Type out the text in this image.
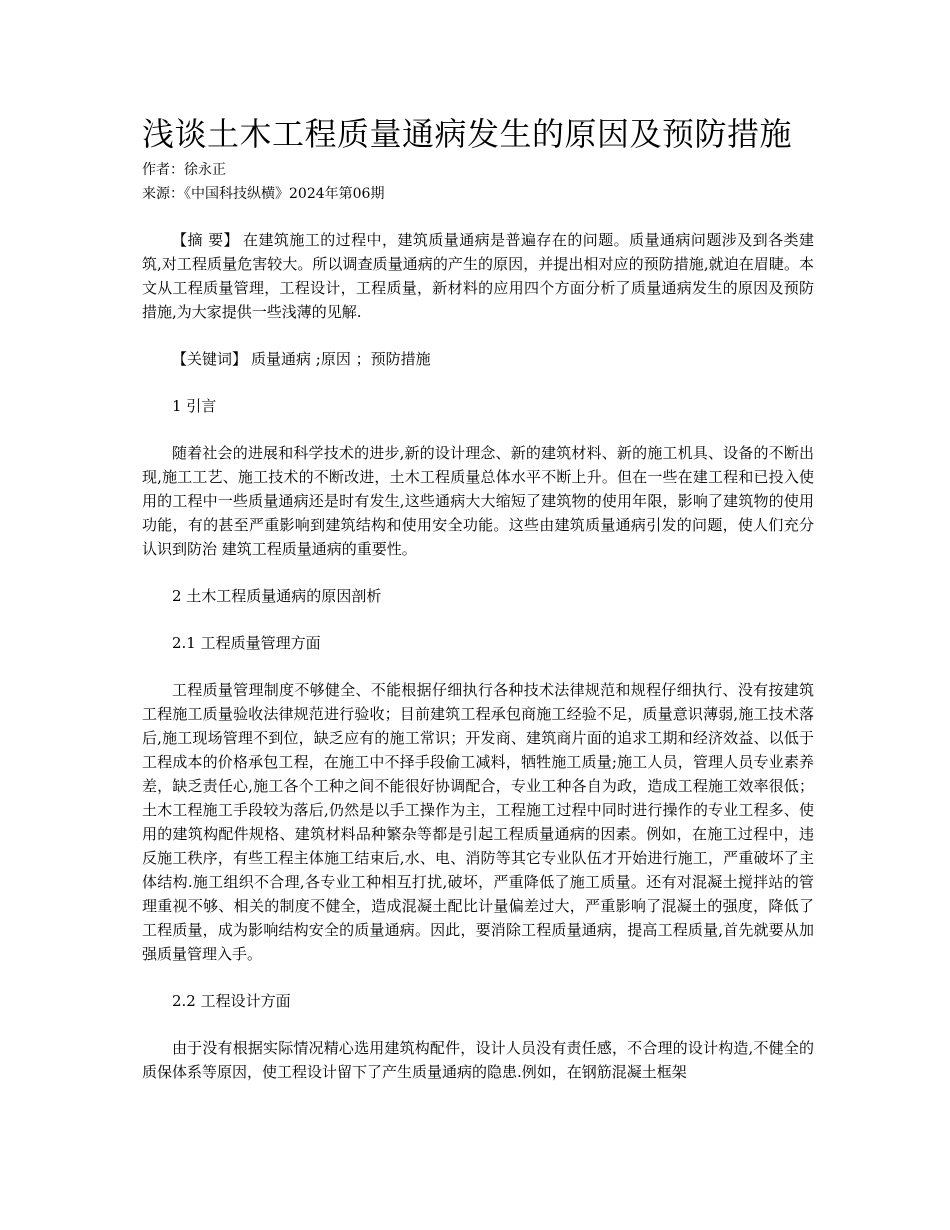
浅谈土木工程质量通病发生的原因及预防措施
作者：徐永正
来源：《中国科技纵横》2024年第06期

【摘 要】 在建筑施工的过程中，建筑质量通病是普遍存在的问题。质量通病问题涉及到各类建筑,对工程质量危害较大。所以调查质量通病的产生的原因，并提出相对应的预防措施,就迫在眉睫。本文从工程质量管理，工程设计，工程质量，新材料的应用四个方面分析了质量通病发生的原因及预防措施,为大家提供一些浅薄的见解.

【关键词】 质量通病 ;原因 ；预防措施

1 引言

随着社会的进展和科学技术的进步,新的设计理念、新的建筑材料、新的施工机具、设备的不断出现,施工工艺、施工技术的不断改进，土木工程质量总体水平不断上升。但在一些在建工程和已投入使用的工程中一些质量通病还是时有发生,这些通病大大缩短了建筑物的使用年限，影响了建筑物的使用功能，有的甚至严重影响到建筑结构和使用安全功能。这些由建筑质量通病引发的问题，使人们充分认识到防治 建筑工程质量通病的重要性。

2 土木工程质量通病的原因剖析

2.1 工程质量管理方面

工程质量管理制度不够健全、不能根据仔细执行各种技术法律规范和规程仔细执行、没有按建筑工程施工质量验收法律规范进行验收；目前建筑工程承包商施工经验不足，质量意识薄弱,施工技术落后,施工现场管理不到位，缺乏应有的施工常识；开发商、建筑商片面的追求工期和经济效益、以低于工程成本的价格承包工程，在施工中不择手段偷工减料，牺牲施工质量;施工人员，管理人员专业素养差，缺乏责任心,施工各个工种之间不能很好协调配合，专业工种各自为政，造成工程施工效率很低；土木工程施工手段较为落后,仍然是以手工操作为主，工程施工过程中同时进行操作的专业工程多、使用的建筑构配件规格、建筑材料品种繁杂等都是引起工程质量通病的因素。例如，在施工过程中，违反施工秩序，有些工程主体施工结束后,水、电、消防等其它专业队伍才开始进行施工，严重破坏了主体结构.施工组织不合理,各专业工种相互打扰,破坏，严重降低了施工质量。还有对混凝土搅拌站的管理重视不够、相关的制度不健全，造成混凝土配比计量偏差过大，严重影响了混凝土的强度，降低了工程质量，成为影响结构安全的质量通病。因此，要消除工程质量通病，提高工程质量,首先就要从加强质量管理入手。

2.2 工程设计方面

由于没有根据实际情况精心选用建筑构配件，设计人员没有责任感，不合理的设计构造,不健全的质保体系等原因，使工程设计留下了产生质量通病的隐患.例如，在钢筋混凝土框架
